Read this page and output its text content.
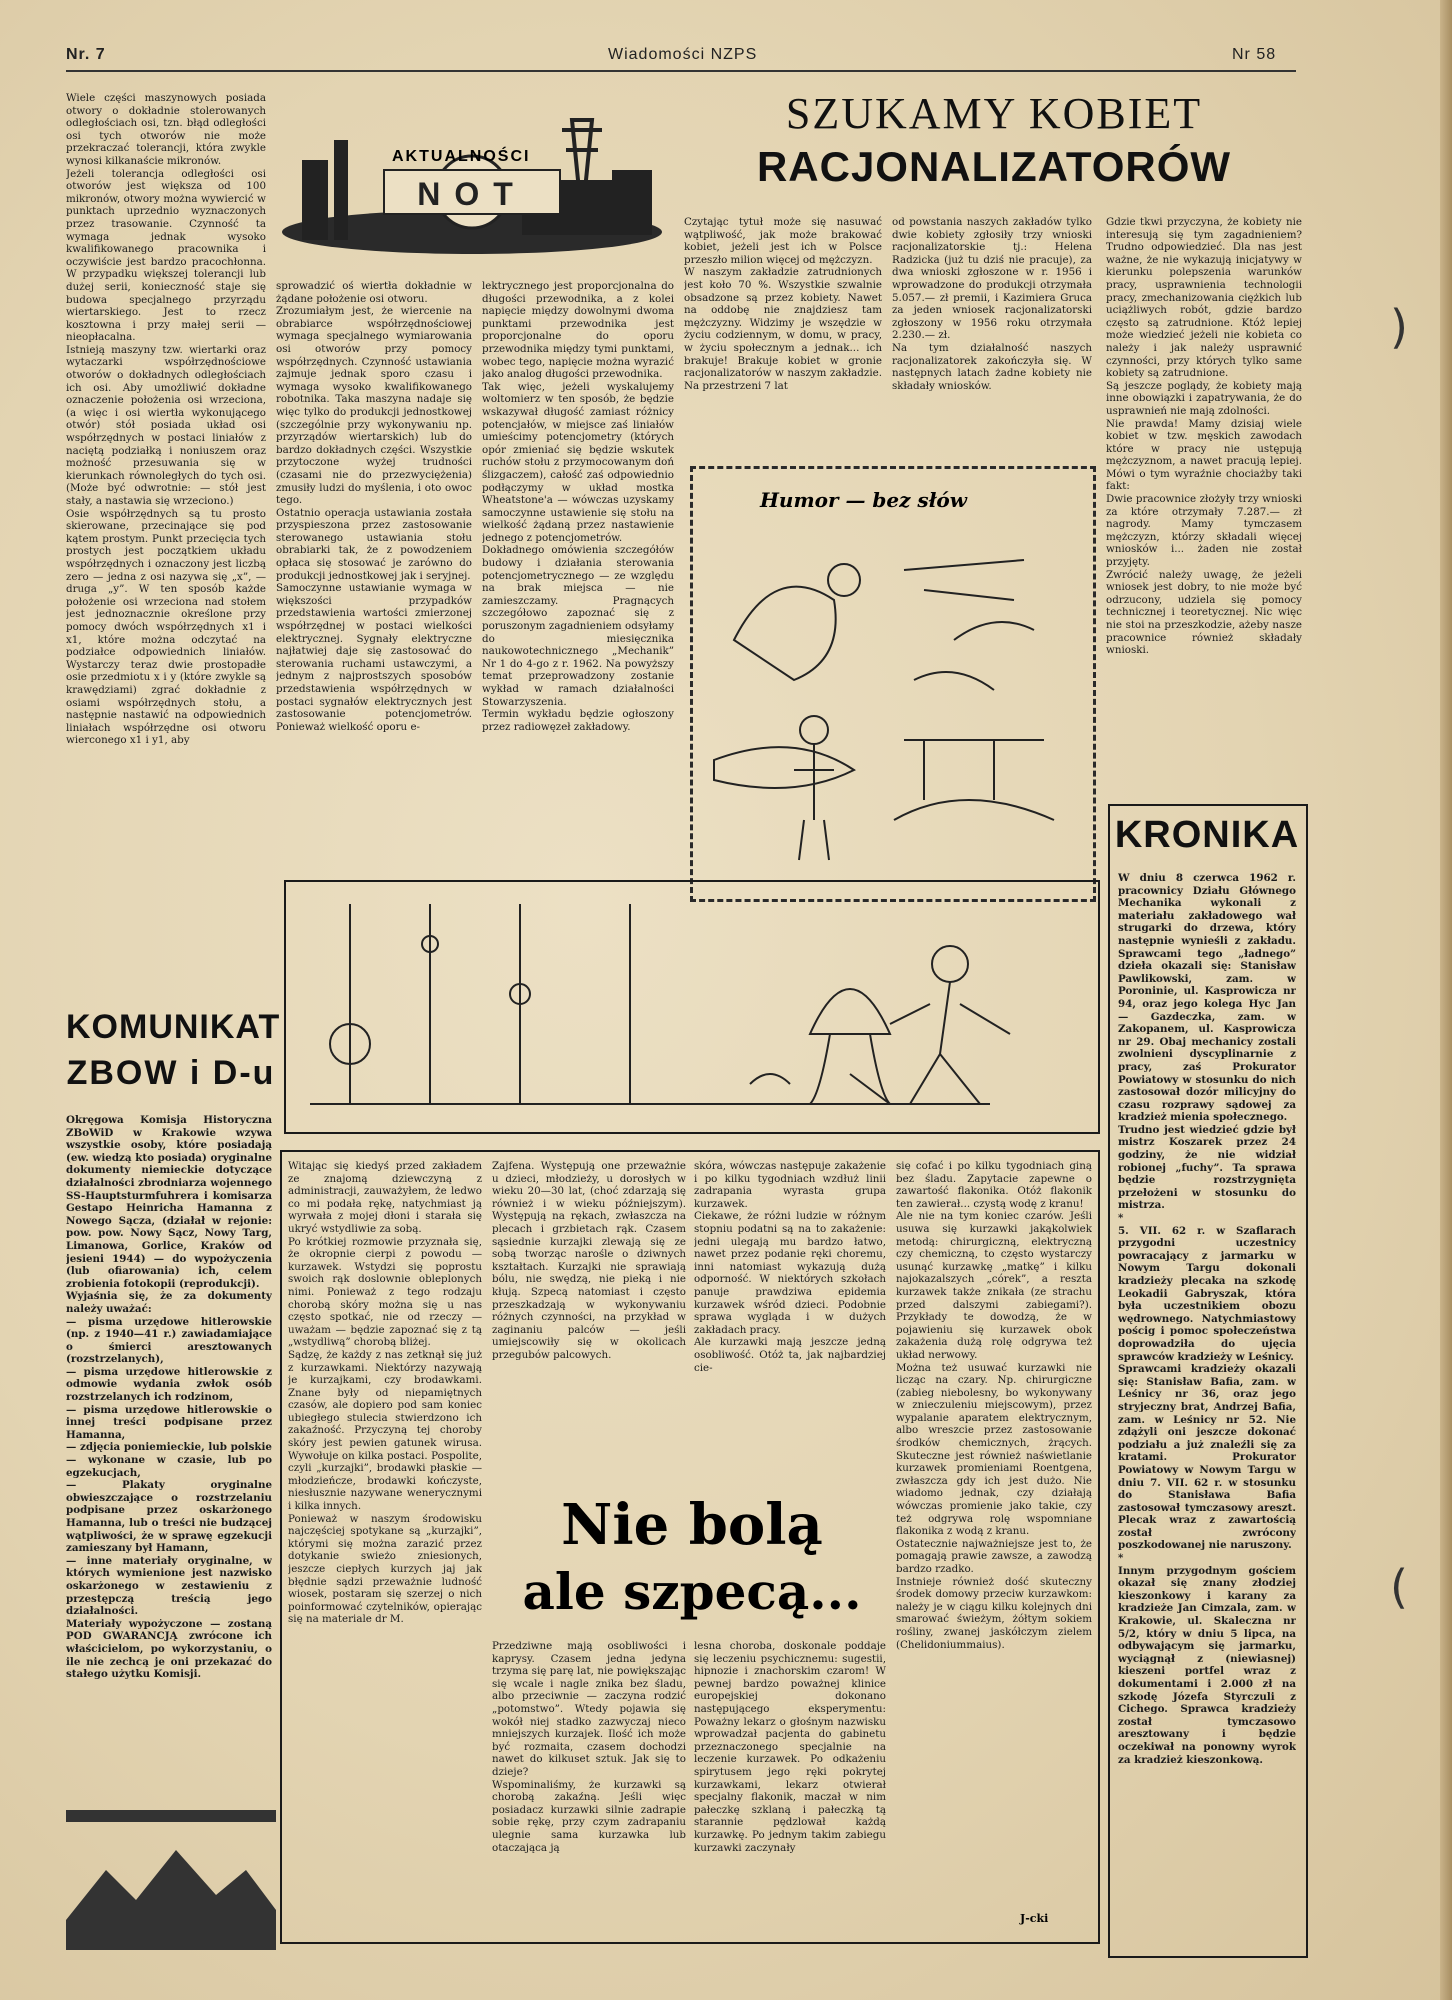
Nr. 7	Wiadomości NZPS	Nr 58
Wiele części maszynowych posiada otwory o dokładnie stolerowanych odległościach osi, tzn. błąd odległości osi tych otworów nie może przekraczać tolerancji, która zwykle wynosi kilkanaście mikronów.
Jeżeli tolerancja odległości osi otworów jest większa od 100 mikronów, otwory można wywiercić w punktach uprzednio wyznaczonych przez trasowanie. Czynność ta wymaga jednak wysoko kwalifikowanego pracownika i oczywiście jest bardzo pracochłonna. W przypadku większej tolerancji lub dużej serii, konieczność staje się budowa specjalnego przyrządu wiertarskiego. Jest to rzecz kosztowna i przy małej serii — nieopłacalna.
Istnieją maszyny tzw. wiertarki oraz wytaczarki współrzędnościowe otworów o dokładnych odległościach ich osi. Aby umożliwić dokładne oznaczenie położenia osi wrzeciona, (a więc i osi wiertła wykonującego otwór) stół posiada układ osi współrzędnych w postaci liniałów z naciętą podziałką i noniuszem oraz możność przesuwania się w kierunkach równoległych do tych osi. (Może być odwrotnie: — stół jest stały, a nastawia się wrzeciono.)
Osie współrzędnych są tu prosto skierowane, przecinające się pod kątem prostym. Punkt przecięcia tych prostych jest początkiem układu współrzędnych i oznaczony jest liczbą zero — jedna z osi nazywa się „x”, — druga „y”. W ten sposób każde położenie osi wrzeciona nad stołem jest jednoznacznie określone przy pomocy dwóch współrzędnych x1 i x1, które można odczytać na podziałce odpowiednich liniałów. Wystarczy teraz dwie prostopadłe osie przedmiotu x i y (które zwykle są krawędziami) zgrać dokładnie z osiami współrzędnych stołu, a następnie nastawić na odpowiednich liniałach współrzędne osi otworu wierconego x1 i y1, aby
AKTUALNOŚCI
NOT
sprowadzić oś wiertła dokładnie w żądane położenie osi otworu.
Zrozumiałym jest, że wiercenie na obrabiarce współrzędnościowej wymaga specjalnego wymiarowania osi otworów przy pomocy współrzędnych. Czynność ustawiania zajmuje jednak sporo czasu i wymaga wysoko kwalifikowanego robotnika. Taka maszyna nadaje się więc tylko do produkcji jednostkowej (szczególnie przy wykonywaniu np. przyrządów wiertarskich) lub do bardzo dokładnych części. Wszystkie przytoczone wyżej trudności (czasami nie do przezwyciężenia) zmusiły ludzi do myślenia, i oto owoc tego.
Ostatnio operacja ustawiania została przyspieszona przez zastosowanie sterowanego ustawiania stołu obrabiarki tak, że z powodzeniem opłaca się stosować je zarówno do produkcji jednostkowej jak i seryjnej.
Samoczynne ustawianie wymaga w większości przypadków przedstawienia wartości zmierzonej współrzędnej w postaci wielkości elektrycznej. Sygnały elektryczne najłatwiej daje się zastosować do sterowania ruchami ustawczymi, a jednym z najprostszych sposobów przedstawienia współrzędnych w postaci sygnałów elektrycznych jest zastosowanie potencjometrów. Ponieważ wielkość oporu e-
lektrycznego jest proporcjonalna do długości przewodnika, a z kolei napięcie między dowolnymi dwoma punktami przewodnika jest proporcjonalne do oporu przewodnika między tymi punktami, wobec tego, napięcie można wyrazić jako analog długości przewodnika.
Tak więc, jeżeli wyskalujemy woltomierz w ten sposób, że będzie wskazywał długość zamiast różnicy potencjałów, w miejsce zaś liniałów umieścimy potencjometry (których opór zmieniać się będzie wskutek ruchów stołu z przymocowanym doń ślizgaczem), całość zaś odpowiednio podłączymy w układ mostka Wheatstone'a — wówczas uzyskamy samoczynne ustawienie się stołu na wielkość żądaną przez nastawienie jednego z potencjometrów.
Dokładnego omówienia szczegółów budowy i działania sterowania potencjometrycznego — ze względu na brak miejsca — nie zamieszczamy. Pragnących szczegółowo zapoznać się z poruszonym zagadnieniem odsyłamy do miesięcznika naukowotechnicznego „Mechanik” Nr 1 do 4-go z r. 1962. Na powyższy temat przeprowadzony zostanie wykład w ramach działalności Stowarzyszenia.
Termin wykładu będzie ogłoszony przez radiowęzeł zakładowy.
SZUKAMY KOBIET
RACJONALIZATORÓW
Czytając tytuł może się nasuwać wątpliwość, jak może brakować kobiet, jeżeli jest ich w Polsce przeszło milion więcej od mężczyzn.
W naszym zakładzie zatrudnionych jest koło 70 %. Wszystkie szwalnie obsadzone są przez kobiety. Nawet na oddobę nie znajdziesz tam mężczyzny. Widzimy je wszędzie w życiu codziennym, w domu, w pracy, w życiu społecznym a jednak... ich brakuje! Brakuje kobiet w gronie racjonalizatorów w naszym zakładzie. Na przestrzeni 7 lat
od powstania naszych zakładów tylko dwie kobiety zgłosiły trzy wnioski racjonalizatorskie tj.: Helena Radzicka (już tu dziś nie pracuje), za dwa wnioski zgłoszone w r. 1956 i wprowadzone do produkcji otrzymała 5.057.— zł premii, i Kazimiera Gruca za jeden wniosek racjonalizatorski zgłoszony w 1956 roku otrzymała 2.230.— zł.
Na tym działalność naszych racjonalizatorek zakończyła się. W następnych latach żadne kobiety nie składały wniosków.
Gdzie tkwi przyczyna, że kobiety nie interesują się tym zagadnieniem? Trudno odpowiedzieć. Dla nas jest ważne, że nie wykazują inicjatywy w kierunku polepszenia warunków pracy, usprawnienia technologii pracy, zmechanizowania ciężkich lub uciążliwych robót, gdzie bardzo często są zatrudnione. Któż lepiej może wiedzieć jeżeli nie kobieta co należy i jak należy usprawnić czynności, przy których tylko same kobiety są zatrudnione.
Są jeszcze poglądy, że kobiety mają inne obowiązki i zapatrywania, że do usprawnień nie mają zdolności.
Nie prawda! Mamy dzisiaj wiele kobiet w tzw. męskich zawodach które w pracy nie ustępują mężczyznom, a nawet pracują lepiej. Mówi o tym wyraźnie chociażby taki fakt:
Dwie pracownice złożyły trzy wnioski za które otrzymały 7.287.— zł nagrody. Mamy tymczasem mężczyzn, którzy składali więcej wniosków i... żaden nie został przyjęty.
Zwrócić należy uwagę, że jeżeli wniosek jest dobry, to nie może być odrzucony, udziela się pomocy technicznej i teoretycznej. Nic więc nie stoi na przeszkodzie, ażeby nasze pracownice również składały wnioski.
Humor — bez słów
KOMUNIKAT
ZBOW i D-u
Okręgowa Komisja Historyczna ZBoWiD w Krakowie wzywa wszystkie osoby, które posiadają (ew. wiedzą kto posiada) oryginalne dokumenty niemieckie dotyczące działalności zbrodniarza wojennego SS-Hauptsturmfuhrera i komisarza Gestapo Heinricha Hamanna z Nowego Sącza, (działał w rejonie: pow. pow. Nowy Sącz, Nowy Targ, Limanowa, Gorlice, Kraków od jesieni 1944) — do wypożyczenia (lub ofiarowania) ich, celem zrobienia fotokopii (reprodukcji).
Wyjaśnia się, że za dokumenty należy uważać:
— pisma urzędowe hitlerowskie (np. z 1940—41 r.) zawiadamiające o śmierci aresztowanych (rozstrzelanych),
— pisma urzędowe hitlerowskie z odmowie wydania zwłok osób rozstrzelanych ich rodzinom,
— pisma urzędowe hitlerowskie o innej treści podpisane przez Hamanna,
— zdjęcia poniemieckie, lub polskie — wykonane w czasie, lub po egzekucjach,
— Plakaty oryginalne obwieszczające o rozstrzelaniu podpisane przez oskarżonego Hamanna, lub o treści nie budzącej wątpliwości, że w sprawę egzekucji zamieszany był Hamann,
— inne materiały oryginalne, w których wymienione jest nazwisko oskarżonego w zestawieniu z przestępczą treścią jego działalności.
Materiały wypożyczone — zostaną POD GWARANCJĄ zwrócone ich właścicielom, po wykorzystaniu, o ile nie zechcą je oni przekazać do stałego użytku Komisji.
KRONIKA
W dniu 8 czerwca 1962 r. pracownicy Działu Głównego Mechanika wykonali z materiału zakładowego wał strugarki do drzewa, który następnie wynieśli z zakładu. Sprawcami tego „ładnego” dzieła okazali się: Stanisław Pawlikowski, zam. w Poroninie, ul. Kasprowicza nr 94, oraz jego kolega Hyc Jan — Gazdeczka, zam. w Zakopanem, ul. Kasprowicza nr 29. Obaj mechanicy zostali zwolnieni dyscyplinarnie z pracy, zaś Prokurator Powiatowy w stosunku do nich zastosował dozór milicyjny do czasu rozprawy sądowej za kradzież mienia społecznego.
Trudno jest wiedzieć gdzie był mistrz Koszarek przez 24 godziny, że nie widział robionej „fuchy”. Ta sprawa będzie rozstrzygnięta przełożeni w stosunku do mistrza.
*
5. VII. 62 r. w Szaflarach przygodni uczestnicy powracający z jarmarku w Nowym Targu dokonali kradzieży plecaka na szkodę Leokadii Gabryszak, która była uczestnikiem obozu wędrownego. Natychmiastowy pościg i pomoc społeczeństwa doprowadziła do ujęcia sprawców kradzieży w Leśnicy.
Sprawcami kradzieży okazali się: Stanisław Bafia, zam. w Leśnicy nr 36, oraz jego stryjeczny brat, Andrzej Bafia, zam. w Leśnicy nr 52. Nie zdążyli oni jeszcze dokonać podziału a już znaleźli się za kratami. Prokurator Powiatowy w Nowym Targu w dniu 7. VII. 62 r. w stosunku do Stanisława Bafia zastosował tymczasowy areszt. Plecak wraz z zawartością został zwrócony poszkodowanej nie naruszony.
*
Innym przygodnym gościem okazał się znany złodziej kieszonkowy i karany za kradzieże Jan Cimzala, zam. w Krakowie, ul. Skaleczna nr 5/2, który w dniu 5 lipca, na odbywającym się jarmarku, wyciągnął z (niewiasnej) kieszeni portfel wraz z dokumentami i 2.000 zł na szkodę Józefa Styrczuli z Cichego. Sprawca kradzieży został tymczasowo aresztowany i będzie oczekiwał na ponowny wyrok za kradzież kieszonkową.
Witając się kiedyś przed zakładem ze znajomą dziewczyną z administracji, zauważyłem, że ledwo co mi podała rękę, natychmiast ją wyrwała z mojej dłoni i starała się ukryć wstydliwie za sobą.
Po krótkiej rozmowie przyznała się, że okropnie cierpi z powodu — kurzawek. Wstydzi się poprostu swoich rąk doslownie obleplonych nimi. Ponieważ z tego rodzaju chorobą skóry można się u nas często spotkać, nie od rzeczy — uważam — będzie zapoznać się z tą „wstydliwą” chorobą bliżej.
Sądzę, że każdy z nas zetknął się już z kurzawkami. Niektórzy nazywają je kurzajkami, czy brodawkami. Znane były od niepamiętnych czasów, ale dopiero pod sam koniec ubiegłego stulecia stwierdzono ich zakaźność. Przyczyną tej choroby skóry jest pewien gatunek wirusa. Wywołuje on kilka postaci. Pospolite, czyli „kurzajki”, brodawki płaskie — młodzieńcze, brodawki kończyste, niesłusznie nazywane wenerycznymi i kilka innych.
Ponieważ w naszym środowisku najczęściej spotykane są „kurzajki”, którymi się można zarazić przez dotykanie swieżo zniesionych, jeszcze ciepłych kurzych jaj jak błędnie sądzi przeważnie ludność wiosek, postaram się szerzej o nich poinformować czytelników, opierając się na materiale dr M.
Zajfena. Występują one przeważnie u dzieci, młodzieży, u dorosłych w wieku 20—30 lat, (choć zdarzają się również i w wieku późniejszym). Występują na rękach, zwłaszcza na plecach i grzbietach rąk. Czasem sąsiednie kurzajki zlewają się ze sobą tworząc narośle o dziwnych kształtach. Kurzajki nie sprawiają bólu, nie swędzą, nie pieką i nie kłują. Szpecą natomiast i często przeszkadzają w wykonywaniu różnych czynności, na przykład w zaginaniu palców — jeśli umiejscowiły się w okolicach przegubów palcowych.
skóra, wówczas następuje zakażenie i po kilku tygodniach wzdłuż linii zadrapania wyrasta grupa kurzawek.
Ciekawe, że różni ludzie w różnym stopniu podatni są na to zakażenie: jedni ulegają mu bardzo łatwo, nawet przez podanie ręki choremu, inni natomiast wykazują dużą odporność. W niektórych szkołach panuje prawdziwa epidemia kurzawek wśród dzieci. Podobnie sprawa wygląda i w dużych zakładach pracy.
Ale kurzawki mają jeszcze jedną osobliwość. Otóż ta, jak najbardziej cie-
się cofać i po kilku tygodniach giną bez śladu. Zapytacie zapewne o zawartość flakonika. Otóż flakonik ten zawierał... czystą wodę z kranu!
Ale nie na tym koniec czarów. Jeśli usuwa się kurzawki jakąkolwiek metodą: chirurgiczną, elektryczną czy chemiczną, to często wystarczy usunąć kurzawkę „matkę” i kilku najokazalszych „córek”, a reszta kurzawek także znikała (ze strachu przed dalszymi zabiegami?). Przykłady te dowodzą, że w pojawieniu się kurzawek obok zakażenia dużą rolę odgrywa też układ nerwowy.
Można też usuwać kurzawki nie licząc na czary. Np. chirurgiczne (zabieg niebolesny, bo wykonywany w znieczuleniu miejscowym), przez wypalanie aparatem elektrycznym, albo wreszcie przez zastosowanie środków chemicznych, żrących. Skuteczne jest również naświetlanie kurzawek promieniami Roentgena, zwłaszcza gdy ich jest dużo. Nie wiadomo jednak, czy działają wówczas promienie jako takie, czy też odgrywa rolę wspomniane flakonika z wodą z kranu.
Ostatecznie najważniejsze jest to, że pomagają prawie zawsze, a zawodzą bardzo rzadko.
Instnieje również dość skuteczny środek domowy przeciw kurzawkom: należy je w ciągu kilku kolejnych dni smarować świeżym, żółtym sokiem rośliny, zwanej jaskółczym zielem (Chelidoniummaius).
J-cki
Nie bolą
ale szpecą...
Przedziwne mają osobliwości i kaprysy. Czasem jedna jedyna trzyma się parę lat, nie powiększając się wcale i nagle znika bez śladu, albo przeciwnie — zaczyna rodzić „potomstwo”. Wtedy pojawia się wokół niej stadko zazwyczaj nieco mniejszych kurzajek. Ilość ich może być rozmaita, czasem dochodzi nawet do kilkuset sztuk. Jak się to dzieje?
Wspominaliśmy, że kurzawki są chorobą zakaźną. Jeśli więc posiadacz kurzawki silnie zadrapie sobie rękę, przy czym zadrapaniu ulegnie sama kurzawka lub otaczająca ją
lesna choroba, doskonale poddaje się leczeniu psychicznemu: sugestii, hipnozie i znachorskim czarom! W pewnej bardzo poważnej klinice europejskiej dokonano następującego eksperymentu: Poważny lekarz o głośnym nazwisku wprowadzał pacjenta do gabinetu przeznaczonego specjalnie na leczenie kurzawek. Po odkażeniu spirytusem jego ręki pokrytej kurzawkami, lekarz otwierał specjalny flakonik, maczał w nim pałeczkę szklaną i pałeczką tą starannie pędzlował każdą kurzawkę. Po jednym takim zabiegu kurzawki zaczynały
)
(
